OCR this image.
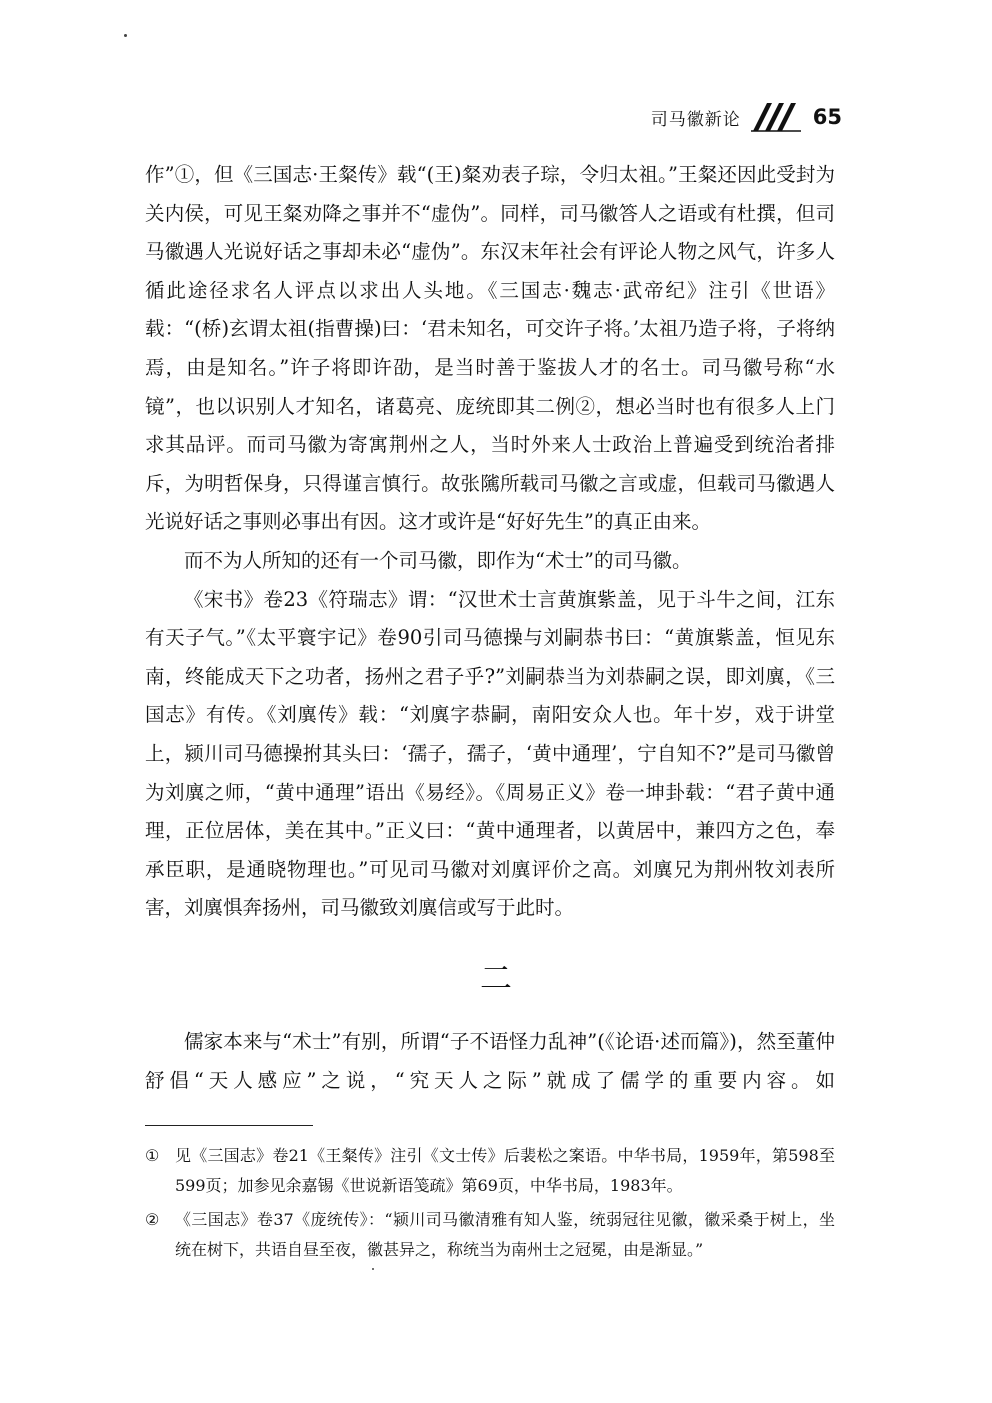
司马徽新论	65

作”①，但《三国志·王粲传》载“(王)粲劝表子琮，令归太祖。”王粲还因此受封为关内侯，可见王粲劝降之事并不“虚伪”。同样，司马徽答人之语或有杜撰，但司马徽遇人光说好话之事却未必“虚伪”。东汉末年社会有评论人物之风气，许多人循此途径求名人评点以求出人头地。《三国志·魏志·武帝纪》注引《世语》载：“(桥)玄谓太祖(指曹操)曰：‘君未知名，可交许子将。’太祖乃造子将，子将纳焉，由是知名。”许子将即许劭，是当时善于鉴拔人才的名士。司马徽号称“水镜”，也以识别人才知名，诸葛亮、庞统即其二例②，想必当时也有很多人上门求其品评。而司马徽为寄寓荆州之人，当时外来人士政治上普遍受到统治者排斥，为明哲保身，只得谨言慎行。故张隲所载司马徽之言或虚，但载司马徽遇人光说好话之事则必事出有因。这才或许是“好好先生”的真正由来。

而不为人所知的还有一个司马徽，即作为“术士”的司马徽。

《宋书》卷23《符瑞志》谓：“汉世术士言黄旗紫盖，见于斗牛之间，江东有天子气。”《太平寰宇记》卷90引司马德操与刘嗣恭书曰：“黄旗紫盖，恒见东南，终能成天下之功者，扬州之君子乎?”刘嗣恭当为刘恭嗣之误，即刘廙，《三国志》有传。《刘廙传》载：“刘廙字恭嗣，南阳安众人也。年十岁，戏于讲堂上，颍川司马德操拊其头曰：‘孺子，孺子，‘黄中通理’，宁自知不?”是司马徽曾为刘廙之师，“黄中通理”语出《易经》。《周易正义》卷一坤卦载：“君子黄中通理，正位居体，美在其中。”正义曰：“黄中通理者，以黄居中，兼四方之色，奉承臣职，是通晓物理也。”可见司马徽对刘廙评价之高。刘廙兄为荆州牧刘表所害，刘廙惧奔扬州，司马徽致刘廙信或写于此时。

二

儒家本来与“术士”有别，所谓“子不语怪力乱神”(《论语·述而篇》)，然至董仲舒倡“天人感应”之说，“究天人之际”就成了儒学的重要内容。如

① 见《三国志》卷21《王粲传》注引《文士传》后裴松之案语。中华书局，1959年，第598至599页；加参见余嘉锡《世说新语笺疏》第69页，中华书局，1983年。
② 《三国志》卷37《庞统传》：“颍川司马徽清雅有知人鉴，统弱冠往见徽，徽采桑于树上，坐统在树下，共语自昼至夜，徽甚异之，称统当为南州士之冠冕，由是渐显。”
